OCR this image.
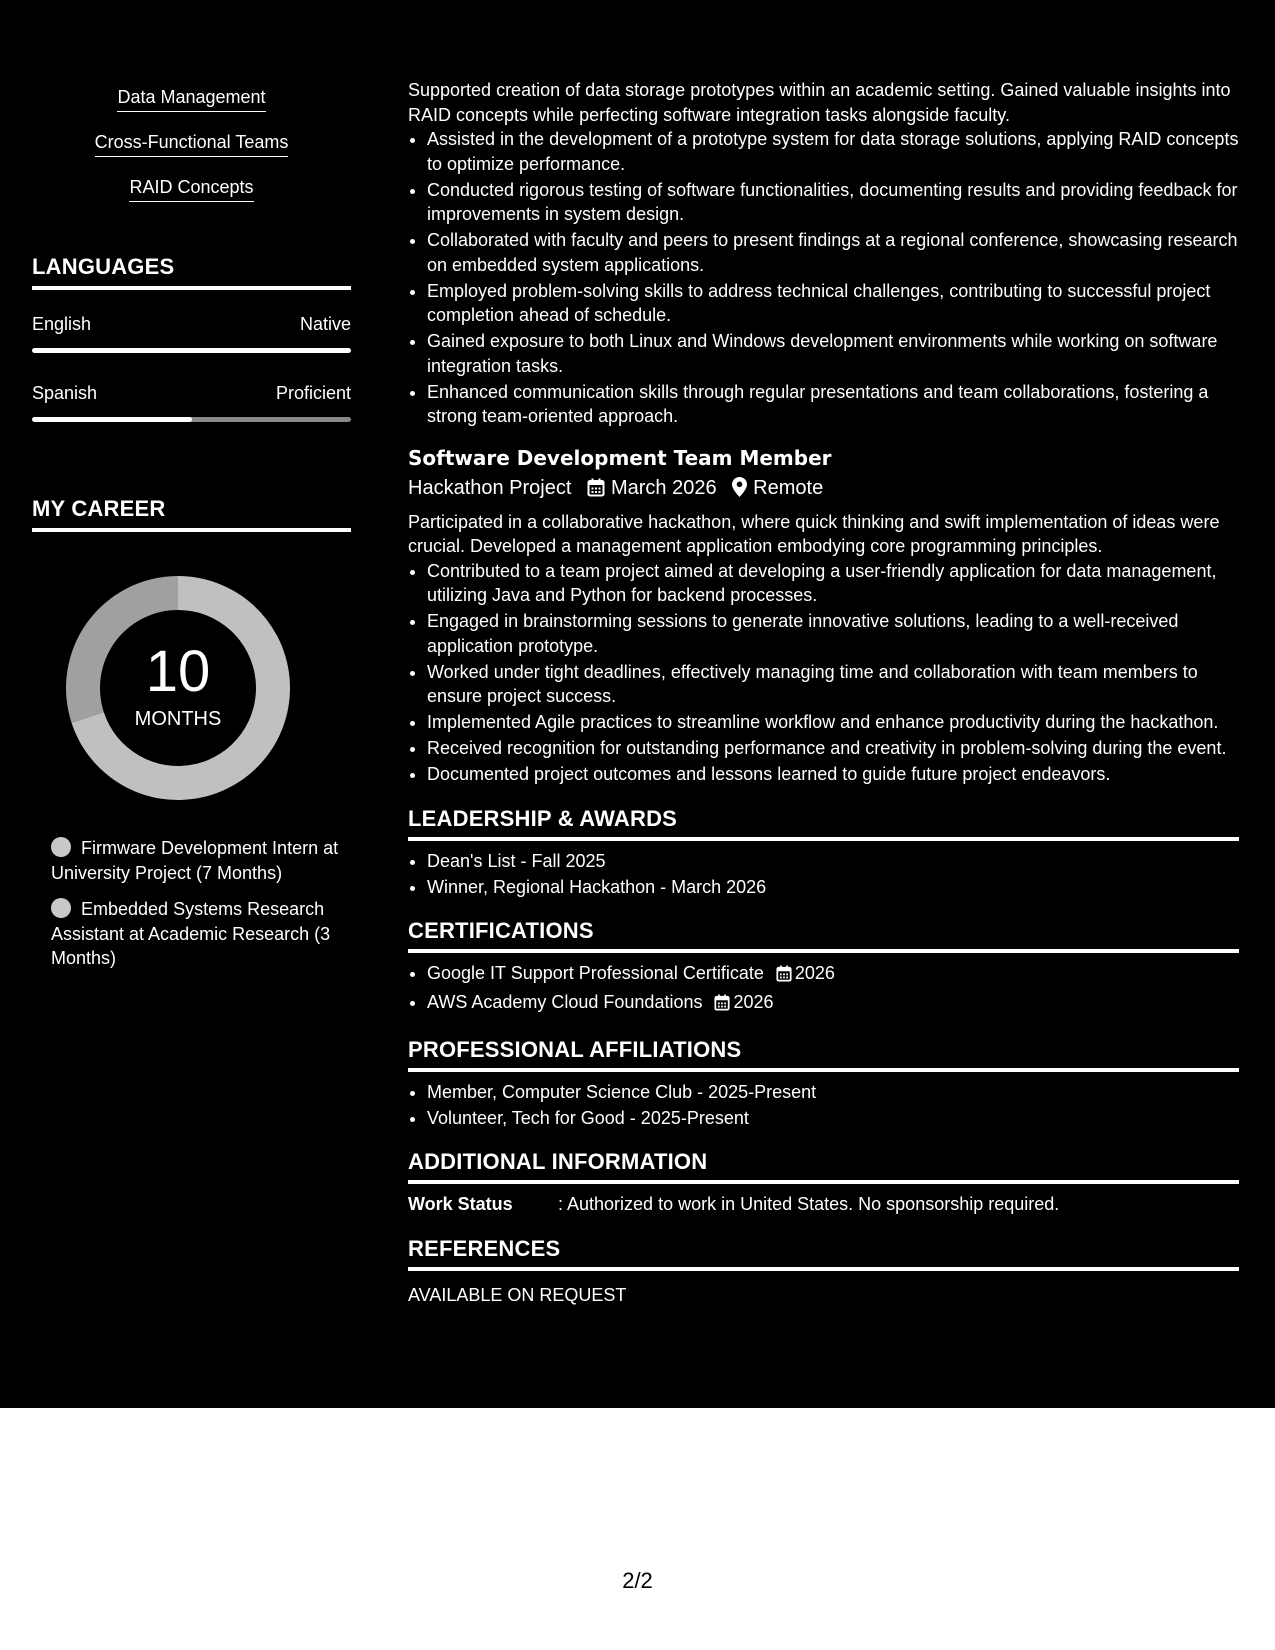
Data Management
Cross-Functional Teams
RAID Concepts
LANGUAGES
English	Native
Spanish	Proficient
MY CAREER
10
MONTHS
Firmware Development Intern at University Project (7 Months)
Embedded Systems Research Assistant at Academic Research (3 Months)

Supported creation of data storage prototypes within an academic setting. Gained valuable insights into RAID concepts while perfecting software integration tasks alongside faculty.

• Assisted in the development of a prototype system for data storage solutions, applying RAID concepts to optimize performance.
• Conducted rigorous testing of software functionalities, documenting results and providing feedback for improvements in system design.
• Collaborated with faculty and peers to present findings at a regional conference, showcasing research on embedded system applications.
• Employed problem-solving skills to address technical challenges, contributing to successful project completion ahead of schedule.
• Gained exposure to both Linux and Windows development environments while working on software integration tasks.
• Enhanced communication skills through regular presentations and team collaborations, fostering a strong team-oriented approach.
Software Development Team Member
Hackathon Project March 2026 Remote

Participated in a collaborative hackathon, where quick thinking and swift implementation of ideas were crucial. Developed a management application embodying core programming principles.

• Contributed to a team project aimed at developing a user-friendly application for data management, utilizing Java and Python for backend processes.
• Engaged in brainstorming sessions to generate innovative solutions, leading to a well-received application prototype.
• Worked under tight deadlines, effectively managing time and collaboration with team members to ensure project success.
• Implemented Agile practices to streamline workflow and enhance productivity during the hackathon.
• Received recognition for outstanding performance and creativity in problem-solving during the event.
• Documented project outcomes and lessons learned to guide future project endeavors.
LEADERSHIP & AWARDS
• Dean's List - Fall 2025
• Winner, Regional Hackathon - March 2026
CERTIFICATIONS
• Google IT Support Professional Certificate 2026
• AWS Academy Cloud Foundations 2026
PROFESSIONAL AFFILIATIONS
• Member, Computer Science Club - 2025-Present
• Volunteer, Tech for Good - 2025-Present
ADDITIONAL INFORMATION
Work Status	: Authorized to work in United States. No sponsorship required.
REFERENCES
AVAILABLE ON REQUEST
2/2
